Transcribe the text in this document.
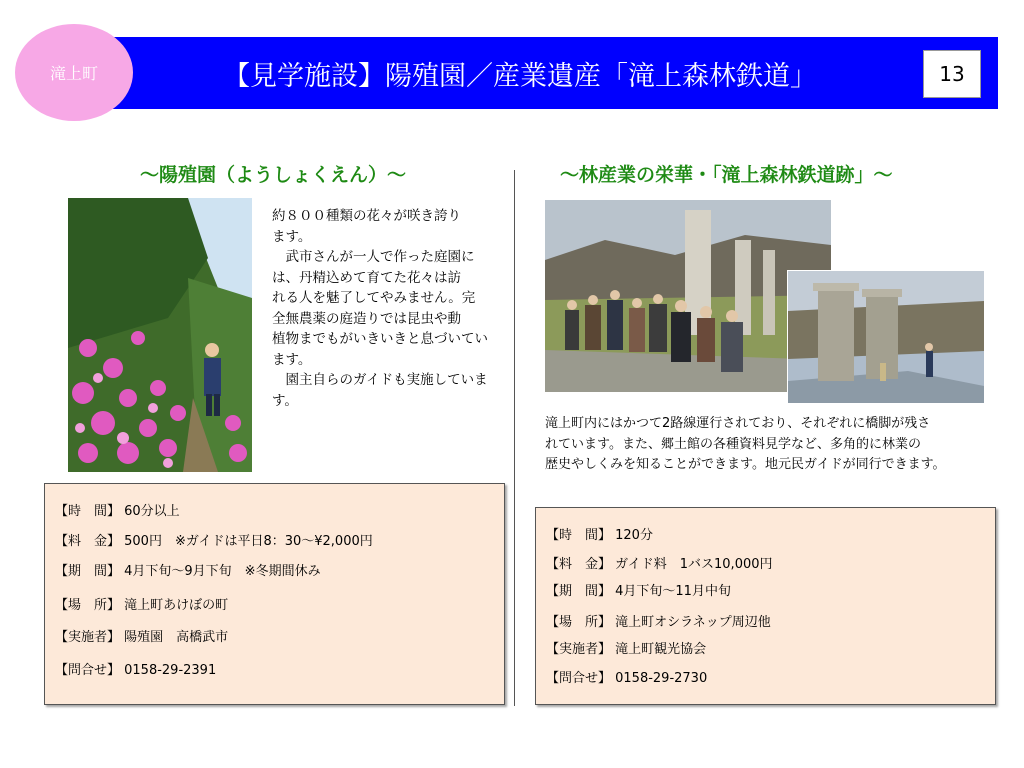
滝上町	【見学施設】陽殖園／産業遺産「滝上森林鉄道」	13
～陽殖園（ようしょくえん）～	～林産業の栄華・「滝上森林鉄道跡」～
約８００種類の花々が咲き誇り
ます。
　武市さんが一人で作った庭園に
は、丹精込めて育てた花々は訪
れる人を魅了してやみません。完
全無農薬の庭造りでは昆虫や動
植物までもがいきいきと息づいてい
ます。
　園主自らのガイドも実施していま
す。
滝上町内にはかつて2路線運行されており、それぞれに橋脚が残さ
れています。また、郷土館の各種資料見学など、多角的に林業の
歴史やしくみを知ることができます。地元民ガイドが同行できます。
【時　間】 60分以上
【料　金】 500円　※ガイドは平日8：30～¥2,000円
【期　間】 4月下旬～9月下旬　※冬期間休み
【場　所】 滝上町あけぼの町
【実施者】 陽殖園　高橋武市
【問合せ】 0158-29-2391
【時　間】 120分
【料　金】 ガイド料　1バス10,000円
【期　間】 4月下旬～11月中旬
【場　所】 滝上町オシラネップ周辺他
【実施者】 滝上町観光協会
【問合せ】 0158-29-2730
